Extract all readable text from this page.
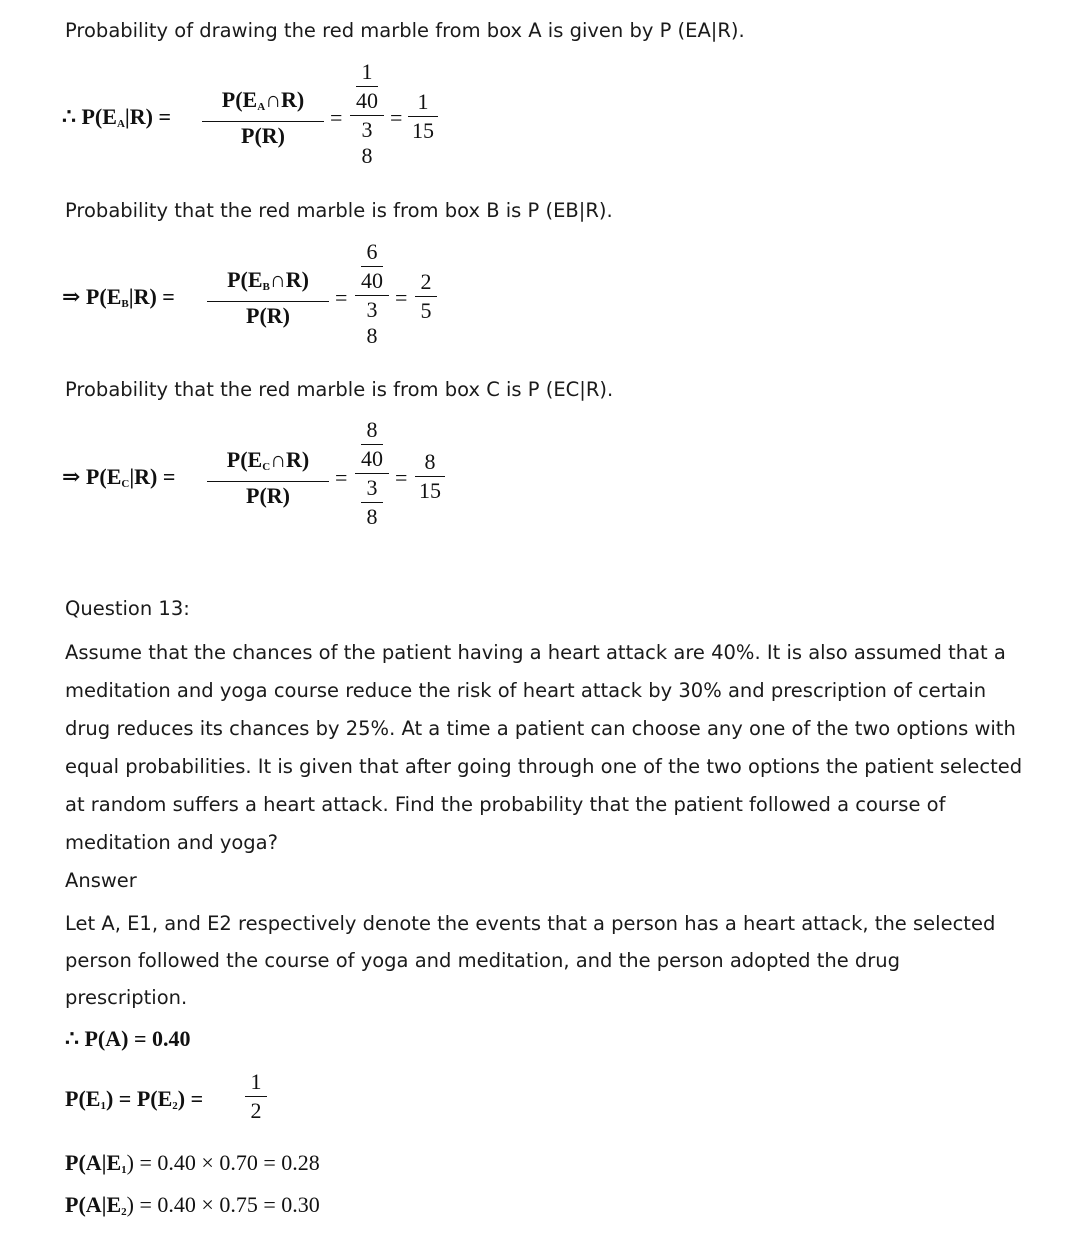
Probability of drawing the red marble from box A is given by P (EA|R).

∴ $P(E_A|R)$ =
$P(E_A\cap R)$
P(R)
=
1
40
3
8
=
1
15

Probability that the red marble is from box B is P (EB|R).

⇒ $P(E_B|R)$ =
$P(E_B\cap R)$
P(R)
=
6
40
3
8
=
2
5

Probability that the red marble is from box C is P (EC|R).

⇒ $P(E_C|R)$ =
$P(E_C\cap R)$
P(R)
=
8
40
3
8
=
8
15

Question 13:

Assume that the chances of the patient having a heart attack are 40%. It is also assumed that a meditation and yoga course reduce the risk of heart attack by 30% and prescription of certain drug reduces its chances by 25%. At a time a patient can choose any one of the two options with equal probabilities. It is given that after going through one of the two options the patient selected at random suffers a heart attack. Find the probability that the patient followed a course of meditation and yoga?

Answer

Let A, E1, and E2 respectively denote the events that a person has a heart attack, the selected person followed the course of yoga and meditation, and the person adopted the drug prescription.

∴ P(A) = 0.40
$P(E_1) = P(E_2)$ =
1
2
$P(A|E_1) = 0.40 \times 0.70 = 0.28$
$P(A|E_2) = 0.40 \times 0.75 = 0.30$
